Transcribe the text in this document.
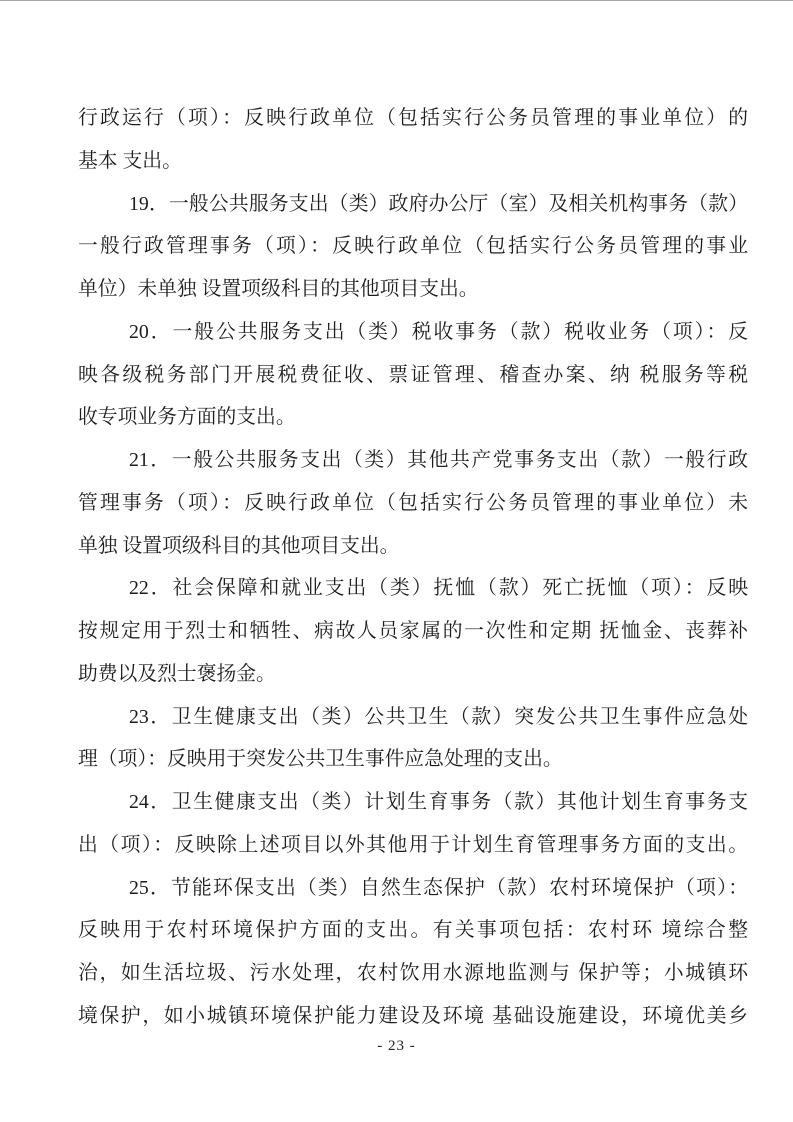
行政运行（项）：反映行政单位（包括实行公务员管理的事业单位）的
基本 支出。
19．一般公共服务支出（类）政府办公厅（室）及相关机构事务（款）
一般行政管理事务（项）：反映行政单位（包括实行公务员管理的事业
单位）未单独 设置项级科目的其他项目支出。
20．一般公共服务支出（类）税收事务（款）税收业务（项）：反
映各级税务部门开展税费征收、票证管理、稽查办案、纳 税服务等税
收专项业务方面的支出。
21．一般公共服务支出（类）其他共产党事务支出（款）一般行政
管理事务（项）：反映行政单位（包括实行公务员管理的事业单位）未
单独 设置项级科目的其他项目支出。
22．社会保障和就业支出（类）抚恤（款）死亡抚恤（项）：反映
按规定用于烈士和牺牲、病故人员家属的一次性和定期 抚恤金、丧葬补
助费以及烈士褒扬金。
23．卫生健康支出（类）公共卫生（款）突发公共卫生事件应急处
理（项）：反映用于突发公共卫生事件应急处理的支出。
24．卫生健康支出（类）计划生育事务（款）其他计划生育事务支
出（项）：反映除上述项目以外其他用于计划生育管理事务方面的支出。
25．节能环保支出（类）自然生态保护（款）农村环境保护（项）：
反映用于农村环境保护方面的支出。有关事项包括：农村环 境综合整
治，如生活垃圾、污水处理，农村饮用水源地监测与 保护等；小城镇环
境保护，如小城镇环境保护能力建设及环境 基础设施建设，环境优美乡
- 23 -
